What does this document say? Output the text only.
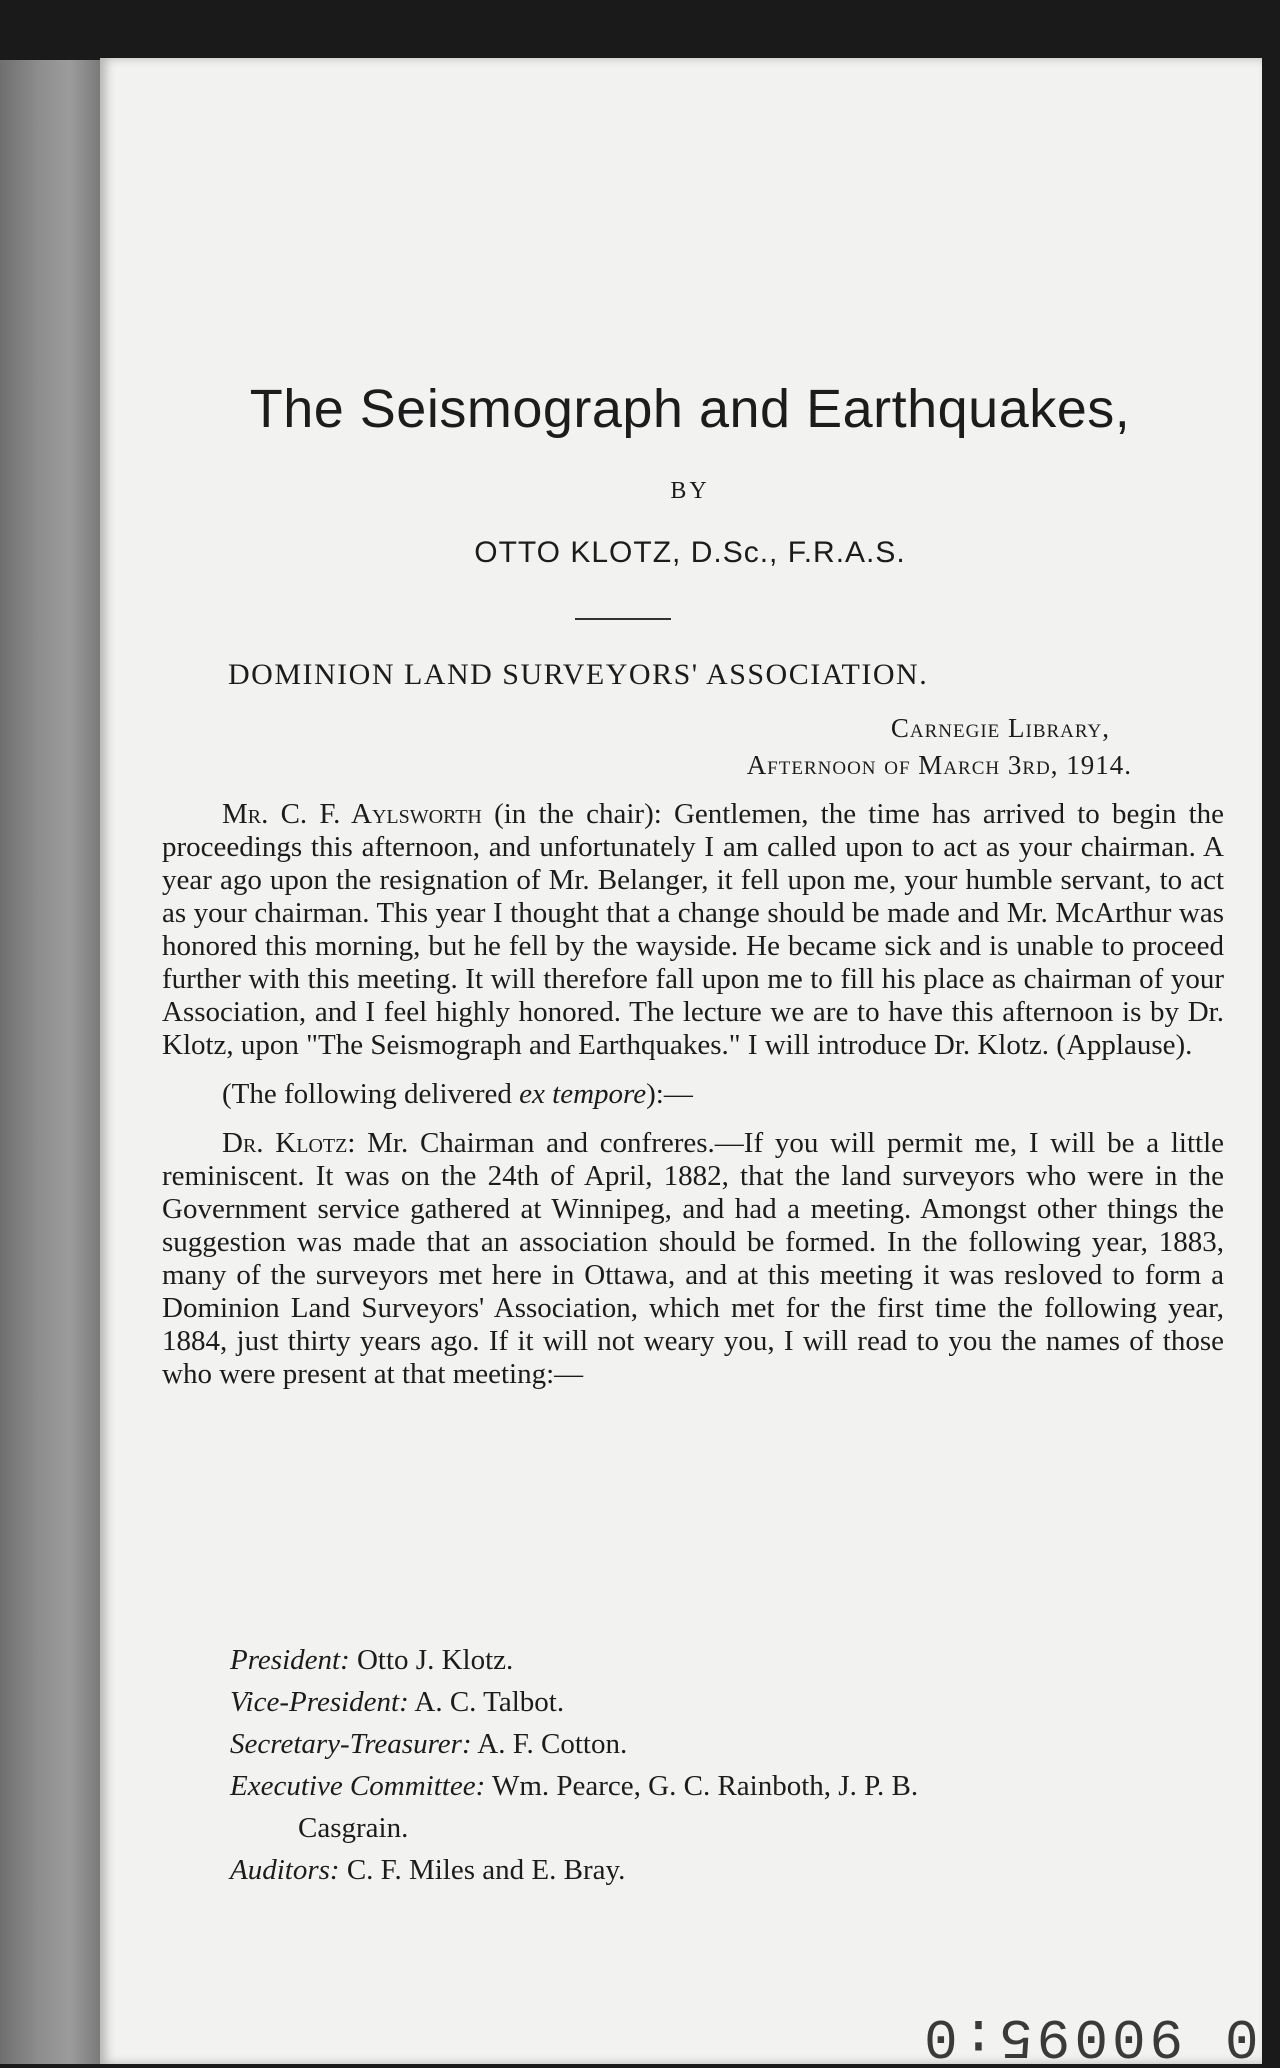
The Seismograph and Earthquakes,
BY
OTTO KLOTZ, D.Sc., F.R.A.S.
DOMINION LAND SURVEYORS' ASSOCIATION.
Carnegie Library,
Afternoon of March 3rd, 1914.

Mr. C. F. Aylsworth (in the chair): Gentlemen, the time has arrived to begin the proceedings this afternoon, and unfortunately I am called upon to act as your chairman. A year ago upon the resignation of Mr. Belanger, it fell upon me, your humble servant, to act as your chairman. This year I thought that a change should be made and Mr. McArthur was honored this morning, but he fell by the wayside. He became sick and is unable to proceed further with this meeting. It will therefore fall upon me to fill his place as chairman of your Association, and I feel highly honored. The lecture we are to have this afternoon is by Dr. Klotz, upon "The Seismograph and Earthquakes." I will introduce Dr. Klotz. (Applause).

(The following delivered ex tempore):—

Dr. Klotz: Mr. Chairman and confreres.—If you will permit me, I will be a little reminiscent. It was on the 24th of April, 1882, that the land surveyors who were in the Government service gathered at Winnipeg, and had a meeting. Amongst other things the suggestion was made that an association should be formed. In the following year, 1883, many of the surveyors met here in Ottawa, and at this meeting it was resloved to form a Dominion Land Surveyors' Association, which met for the first time the following year, 1884, just thirty years ago. If it will not weary you, I will read to you the names of those who were present at that meeting:—

President: Otto J. Klotz.
Vice-President: A. C. Talbot.
Secretary-Treasurer: A. F. Cotton.
Executive Committee: Wm. Pearce, G. C. Rainboth, J. P. B.
Casgrain.
Auditors: C. F. Miles and E. Bray.
0 90095:0
